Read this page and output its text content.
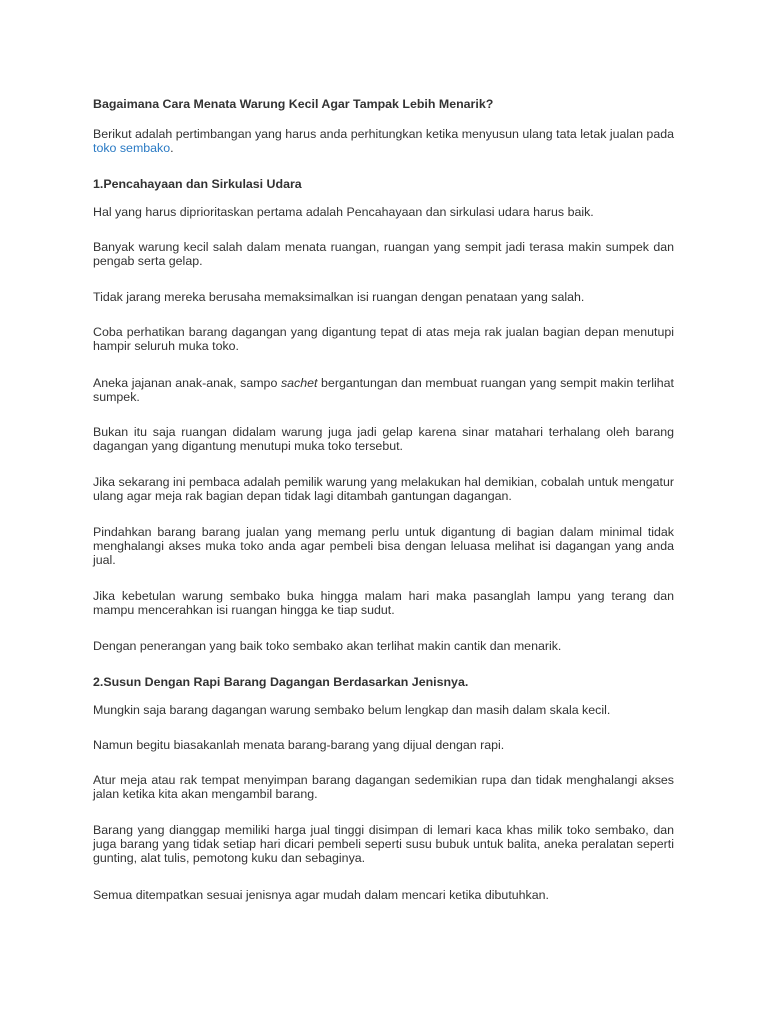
Bagaimana Cara Menata Warung Kecil Agar Tampak Lebih Menarik?

Berikut adalah pertimbangan yang harus anda perhitungkan ketika menyusun ulang tata letak jualan pada toko sembako.

1.Pencahayaan dan Sirkulasi Udara

Hal yang harus diprioritaskan pertama adalah Pencahayaan dan sirkulasi udara harus baik.

Banyak warung kecil salah dalam menata ruangan, ruangan yang sempit jadi terasa makin sumpek dan pengab serta gelap.

Tidak jarang mereka berusaha memaksimalkan isi ruangan dengan penataan yang salah.

Coba perhatikan barang dagangan yang digantung tepat di atas meja rak jualan bagian depan menutupi hampir seluruh muka toko.

Aneka jajanan anak-anak, sampo sachet bergantungan dan membuat ruangan yang sempit makin terlihat sumpek.

Bukan itu saja ruangan didalam warung juga jadi gelap karena sinar matahari terhalang oleh barang dagangan yang digantung menutupi muka toko tersebut.

Jika sekarang ini pembaca adalah pemilik warung yang melakukan hal demikian, cobalah untuk mengatur ulang agar meja rak bagian depan tidak lagi ditambah gantungan dagangan.

Pindahkan barang barang jualan yang memang perlu untuk digantung di bagian dalam minimal tidak menghalangi akses muka toko anda agar pembeli bisa dengan leluasa melihat isi dagangan yang anda jual.

Jika kebetulan warung sembako buka hingga malam hari maka pasanglah lampu yang terang dan mampu mencerahkan isi ruangan hingga ke tiap sudut.

Dengan penerangan yang baik toko sembako akan terlihat makin cantik dan menarik.

2.Susun Dengan Rapi Barang Dagangan Berdasarkan Jenisnya.

Mungkin saja barang dagangan warung sembako belum lengkap dan masih dalam skala kecil.

Namun begitu biasakanlah menata barang-barang yang dijual dengan rapi.

Atur meja atau rak tempat menyimpan barang dagangan sedemikian rupa dan tidak menghalangi akses jalan ketika kita akan mengambil barang.

Barang yang dianggap memiliki harga jual tinggi disimpan di lemari kaca khas milik toko sembako, dan juga barang yang tidak setiap hari dicari pembeli seperti susu bubuk untuk balita, aneka peralatan seperti gunting, alat tulis, pemotong kuku dan sebaginya.

Semua ditempatkan sesuai jenisnya agar mudah dalam mencari ketika dibutuhkan.
